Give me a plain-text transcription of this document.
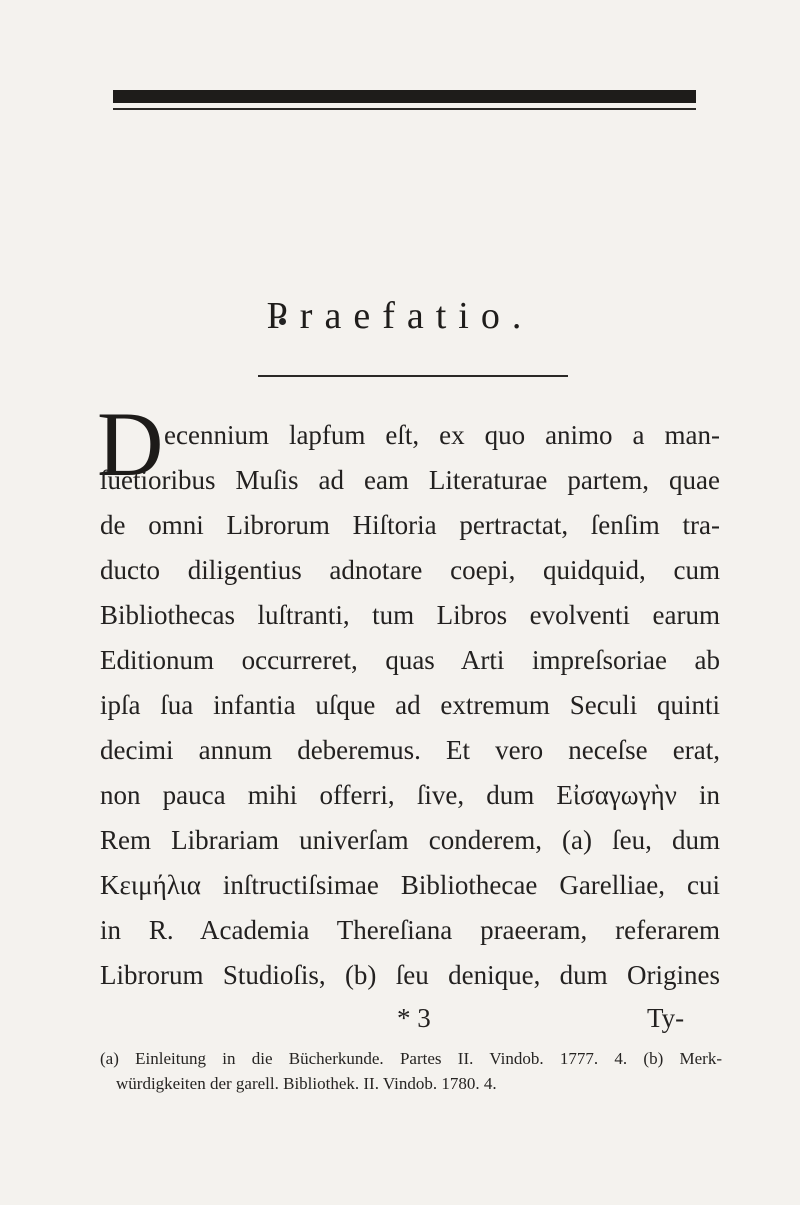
Praefatio.
D ecennium lapfum eſt, ex quo animo a man-

ſuetioribus Muſis ad eam Literaturae partem, quae

de omni Librorum Hiſtoria pertractat, ſenſim tra-

ducto diligentius adnotare coepi, quidquid, cum

Bibliothecas luſtranti, tum Libros evolventi earum

Editionum occurreret, quas Arti impreſsoriae ab

ipſa ſua infantia uſque ad extremum Seculi quinti

decimi annum deberemus. Et vero neceſse erat,

non pauca mihi offerri, ſive, dum Εἰσαγωγὴν in

Rem Librariam univerſam conderem, (a) ſeu, dum

Κειμήλια inſtructiſsimae Bibliothecae Garelliae, cui

in R. Academia Thereſiana praeeram, referarem

Librorum Studioſis, (b) ſeu denique, dum Origines

* 3	Ty-

(a) Einleitung in die Bücherkunde. Partes II. Vindob. 1777. 4. (b) Merk-

würdigkeiten der garell. Bibliothek. II. Vindob. 1780. 4.
